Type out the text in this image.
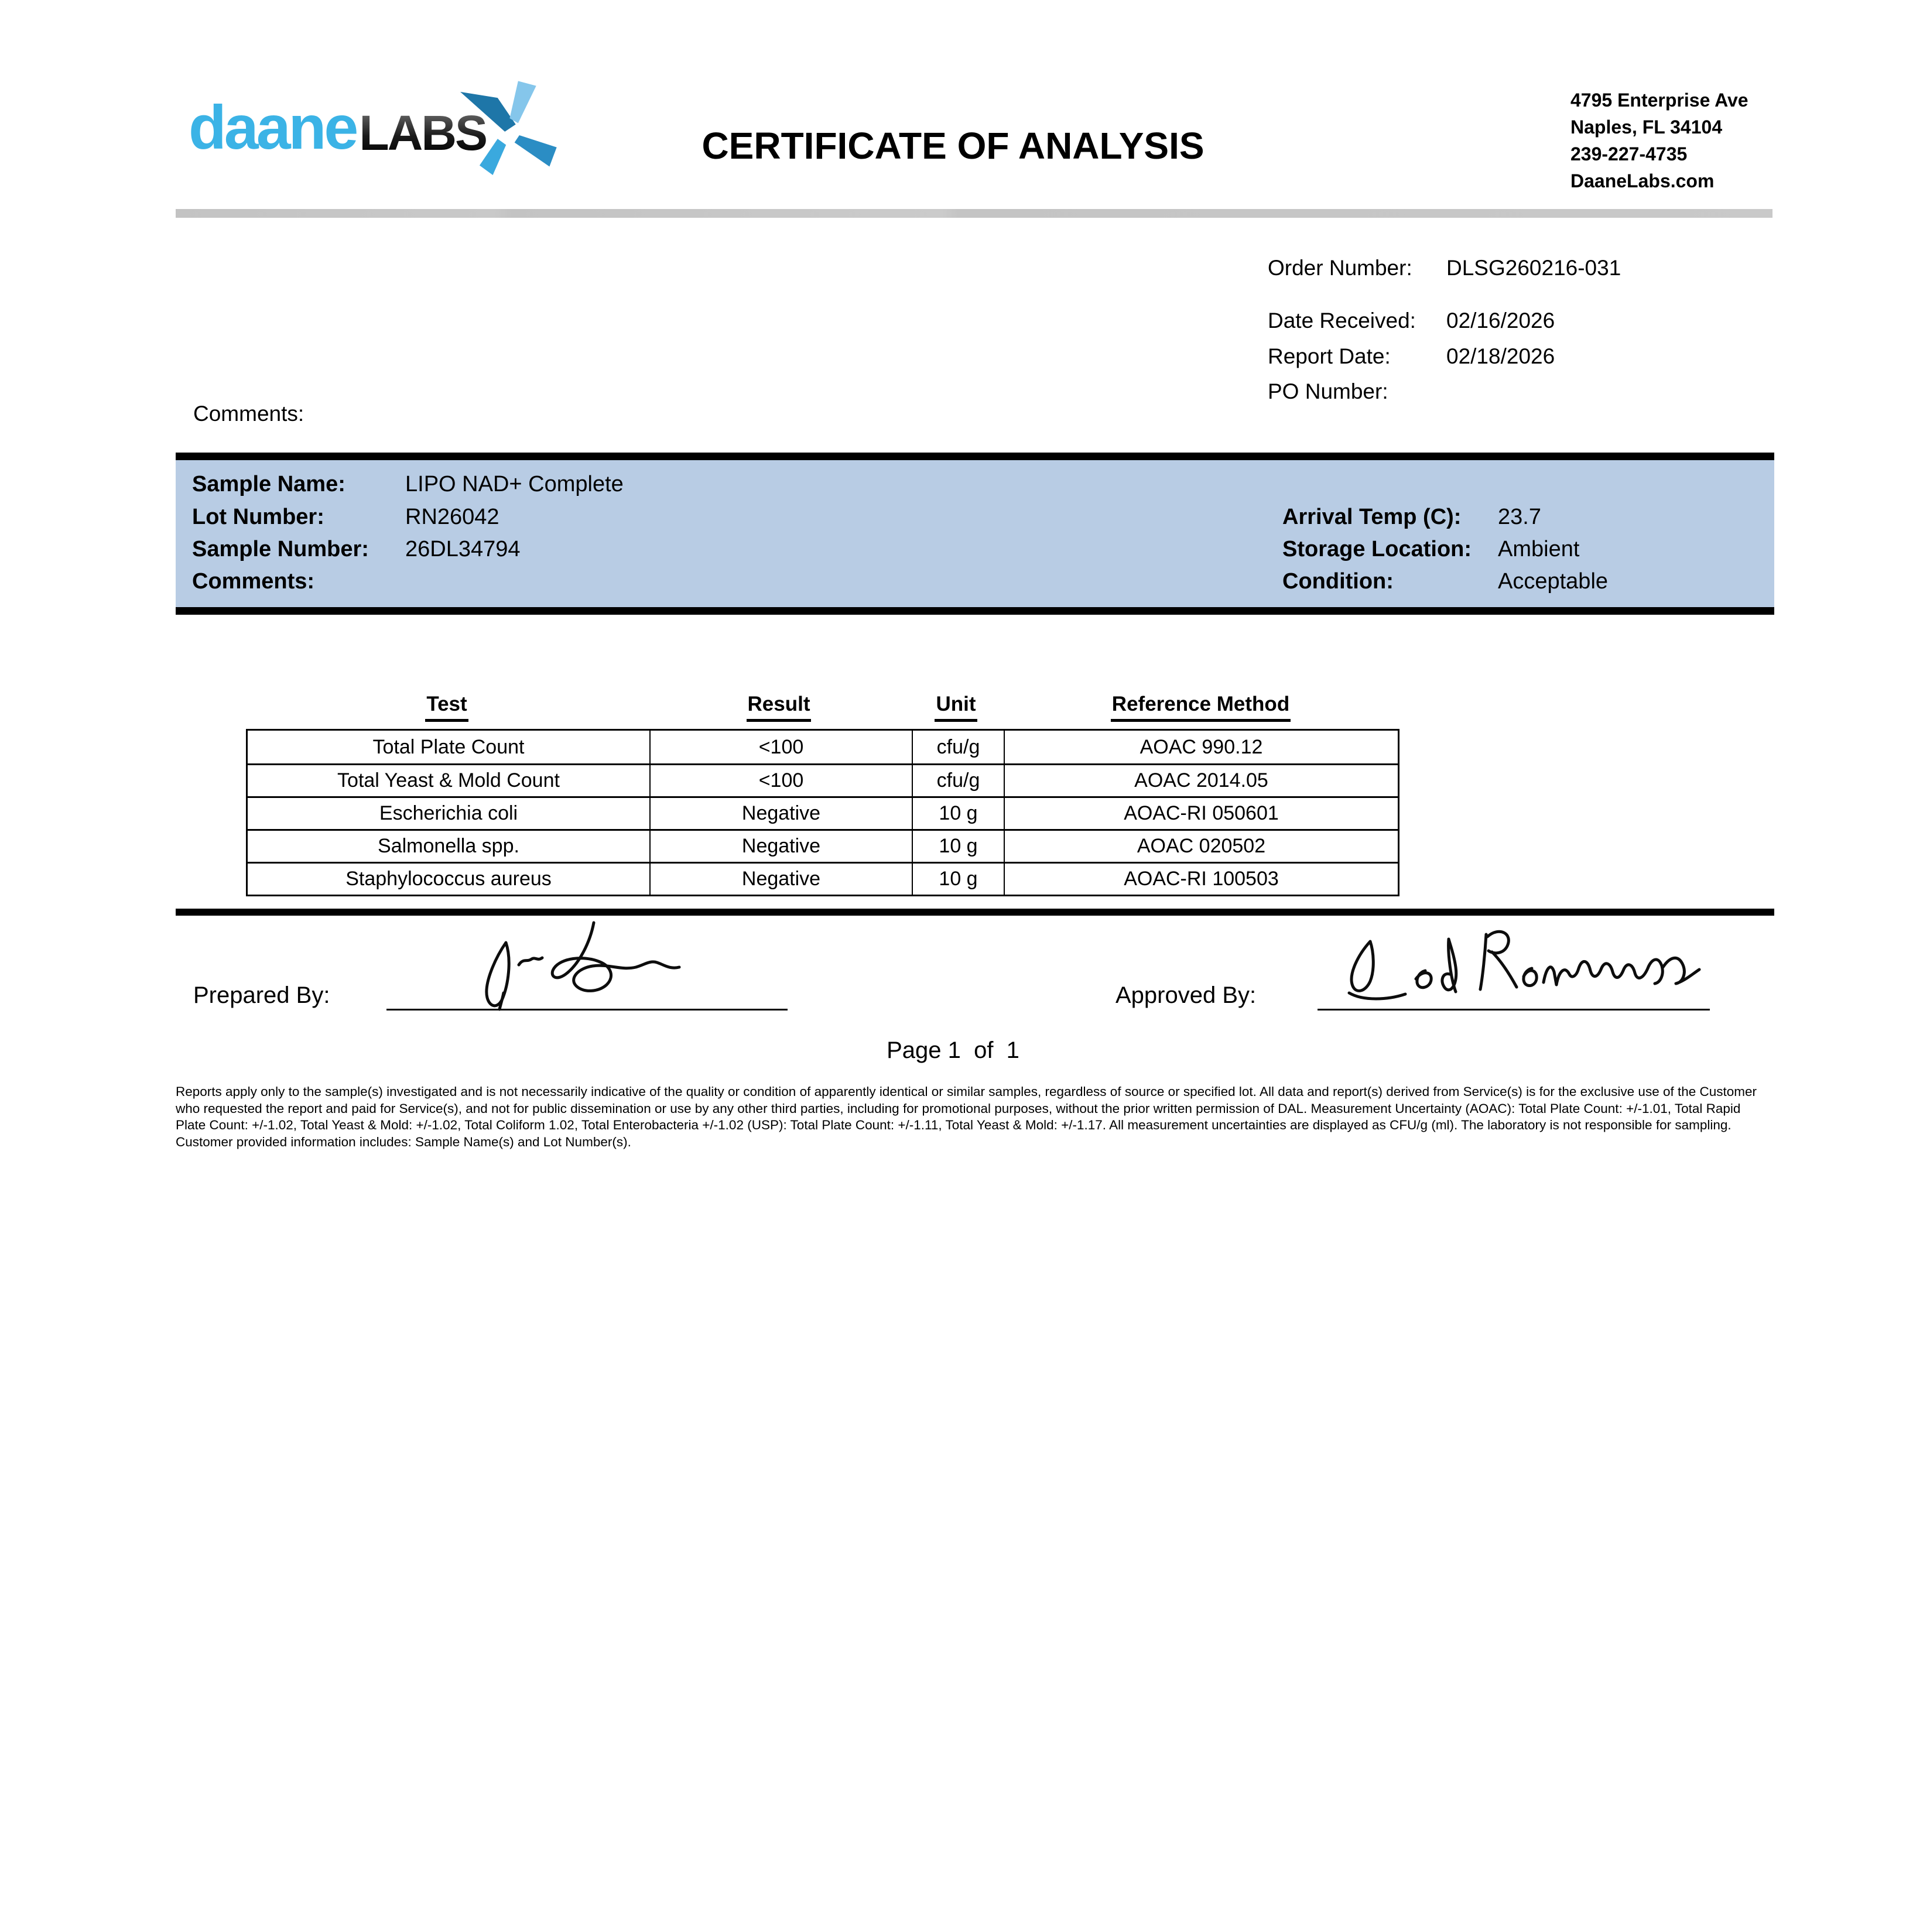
daane LABS	CERTIFICATE OF ANALYSIS
4795 Enterprise Ave
Naples, FL 34104
239-227-4735
DaaneLabs.com
Order Number: DLSG260216-031
Date Received: 02/16/2026
Report Date:	02/18/2026
PO Number:
Comments:
Sample Name:	LIPO NAD+ Complete
Lot Number:	RN26042
Sample Number: 26DL34794
Comments:
Arrival Temp (C): 23.7
Storage Location: Ambient
Condition:	Acceptable
Test	Result	Unit	Reference Method
Total Plate Count	<100	cfu/g	AOAC 990.12
Total Yeast & Mold Count	<100	cfu/g	AOAC 2014.05
Escherichia coli	Negative	10 g	AOAC-RI 050601
Salmonella spp.	Negative	10 g	AOAC 020502
Staphylococcus aureus	Negative	10 g	AOAC-RI 100503
Prepared By:	Approved By:
Page 1  of  1
Reports apply only to the sample(s) investigated and is not necessarily indicative of the quality or condition of apparently identical or similar samples, regardless of source or specified lot. All data and report(s) derived from Service(s) is for the exclusive use of the Customer who requested the report and paid for Service(s), and not for public dissemination or use by any other third parties, including for promotional purposes, without the prior written permission of DAL. Measurement Uncertainty (AOAC): Total Plate Count: +/-1.01, Total Rapid Plate Count: +/-1.02, Total Yeast & Mold: +/-1.02, Total Coliform 1.02, Total Enterobacteria +/-1.02 (USP): Total Plate Count: +/-1.11, Total Yeast & Mold: +/-1.17. All measurement uncertainties are displayed as CFU/g (ml). The laboratory is not responsible for sampling. Customer provided information includes: Sample Name(s) and Lot Number(s).
